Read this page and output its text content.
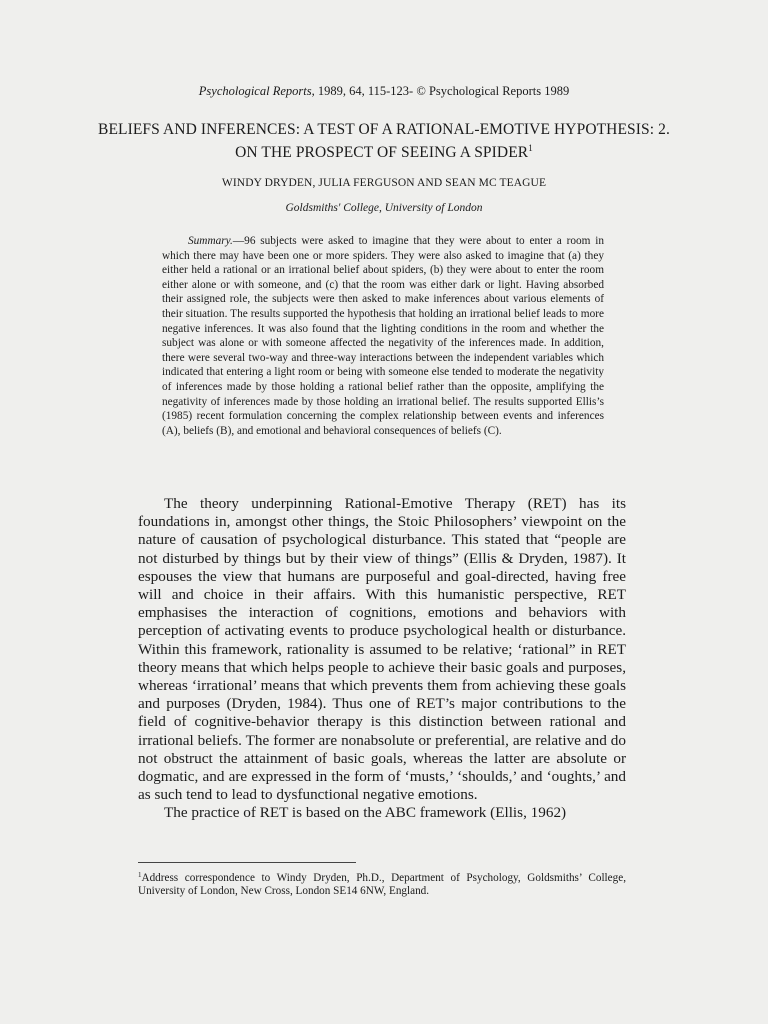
Psychological Reports, 1989, 64, 115-123- © Psychological Reports 1989
BELIEFS AND INFERENCES: A TEST OF A RATIONAL-EMOTIVE HYPOTHESIS: 2. ON THE PROSPECT OF SEEING A SPIDER$^1$
WINDY DRYDEN, JULIA FERGUSON AND SEAN MC TEAGUE
Goldsmiths' College, University of London
Summary.—96 subjects were asked to imagine that they were about to enter a room in which there may have been one or more spiders. They were also asked to imagine that (a) they either held a rational or an irrational belief about spiders, (b) they were about to enter the room either alone or with someone, and (c) that the room was either dark or light. Having absorbed their assigned role, the subjects were then asked to make inferences about various elements of their situation. The results supported the hypothesis that holding an irrational belief leads to more negative inferences. It was also found that the lighting conditions in the room and whether the subject was alone or with someone affected the negativity of the inferences made. In addition, there were several two-way and three-way interactions between the independent variables which indicated that entering a light room or being with someone else tended to moderate the negativity of inferences made by those holding a rational belief rather than the opposite, amplifying the negativity of inferences made by those holding an irrational belief. The results supported Ellis’s (1985) recent formulation concerning the complex relationship between events and inferences (A), beliefs (B), and emotional and behavioral consequences of beliefs (C).

The theory underpinning Rational-Emotive Therapy (RET) has its foundations in, amongst other things, the Stoic Philosophers’ viewpoint on the nature of causation of psychological disturbance. This stated that “people are not disturbed by things but by their view of things” (Ellis & Dryden, 1987). It espouses the view that humans are purposeful and goal-directed, having free will and choice in their affairs. With this humanistic perspective, RET emphasises the interaction of cognitions, emotions and behaviors with perception of activating events to produce psychological health or disturbance. Within this framework, rationality is assumed to be relative; ‘rational” in RET theory means that which helps people to achieve their basic goals and purposes, whereas ‘irrational’ means that which prevents them from achieving these goals and purposes (Dryden, 1984). Thus one of RET’s major contributions to the field of cognitive-behavior therapy is this distinction between rational and irrational beliefs. The former are nonabsolute or preferential, are relative and do not obstruct the attainment of basic goals, whereas the latter are absolute or dogmatic, and are expressed in the form of ‘musts,’ ‘shoulds,’ and ‘oughts,’ and as such tend to lead to dysfunctional negative emotions.

The practice of RET is based on the ABC framework (Ellis, 1962)

$^1$Address correspondence to Windy Dryden, Ph.D., Department of Psychology, Goldsmiths’ College, University of London, New Cross, London SE14 6NW, England.
